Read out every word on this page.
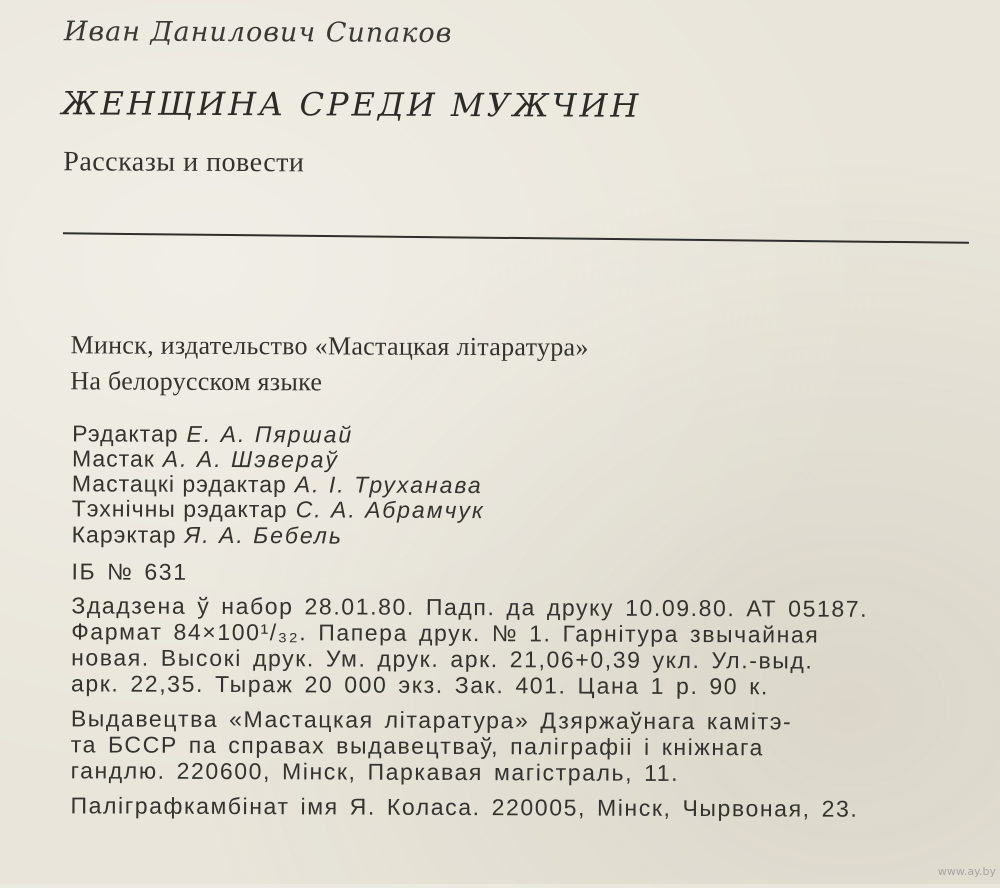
Иван Данилович Сипаков
ЖЕНЩИНА СРЕДИ МУЖЧИН
Рассказы и повести
Минск, издательство «Мастацкая літаратура»
На белорусском языке
Рэдактар Е. А. Пяршай
Мастак А. А. Шэвераў
Мастацкі рэдактар А. І. Труханава
Тэхнічны рэдактар С. А. Абрамчук
Карэктар Я. А. Бебель
ІБ № 631
Здадзена ў набор 28.01.80. Падп. да друку 10.09.80. АТ 05187.
Фармат 84×100¹/₃₂. Папера друк. № 1. Гарнітура звычайная
новая. Высокі друк. Ум. друк. арк. 21,06+0,39 укл. Ул.-выд.
арк. 22,35. Тыраж 20 000 экз. Зак. 401. Цана 1 р. 90 к.
Выдавецтва «Мастацкая літаратура» Дзяржаўнага камітэ-
та БССР па справах выдавецтваў, паліграфіі і кніжнага
гандлю. 220600, Мінск, Паркавая магістраль, 11.
Паліграфкамбінат імя Я. Коласа. 220005, Мінск, Чырвоная, 23.
www.ay.by
